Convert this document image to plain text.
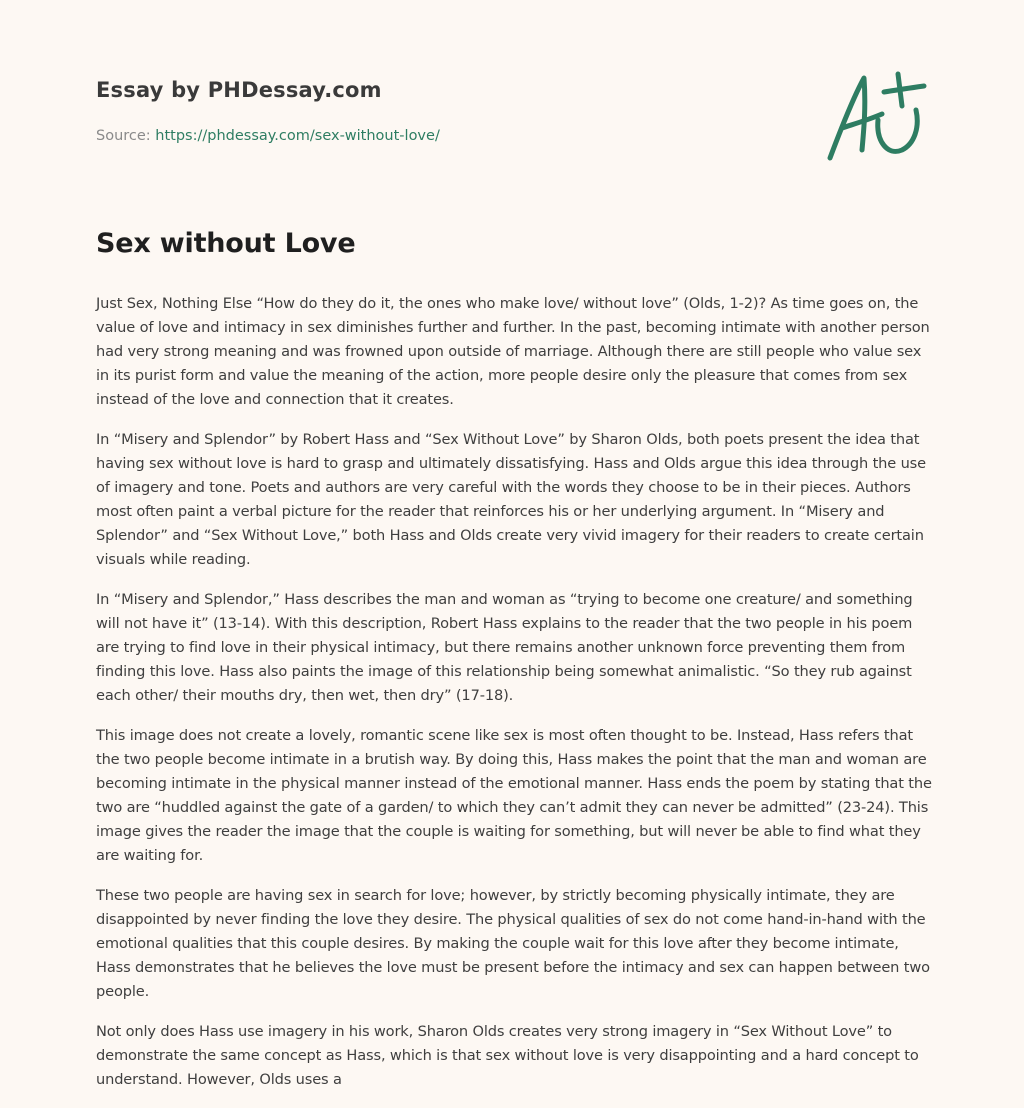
Essay by PHDessay.com
Source: https://phdessay.com/sex-without-love/
Sex without Love

Just Sex, Nothing Else “How do they do it, the ones who make love/ without love” (Olds, 1-2)? As time goes on, the value of love and intimacy in sex diminishes further and further. In the past, becoming intimate with another person had very strong meaning and was frowned upon outside of marriage. Although there are still people who value sex in its purist form and value the meaning of the action, more people desire only the pleasure that comes from sex instead of the love and connection that it creates.

In “Misery and Splendor” by Robert Hass and “Sex Without Love” by Sharon Olds, both poets present the idea that having sex without love is hard to grasp and ultimately dissatisfying. Hass and Olds argue this idea through the use of imagery and tone. Poets and authors are very careful with the words they choose to be in their pieces. Authors most often paint a verbal picture for the reader that reinforces his or her underlying argument. In “Misery and Splendor” and “Sex Without Love,” both Hass and Olds create very vivid imagery for their readers to create certain visuals while reading.

In “Misery and Splendor,” Hass describes the man and woman as “trying to become one creature/ and something will not have it” (13-14). With this description, Robert Hass explains to the reader that the two people in his poem are trying to find love in their physical intimacy, but there remains another unknown force preventing them from finding this love. Hass also paints the image of this relationship being somewhat animalistic. “So they rub against each other/ their mouths dry, then wet, then dry” (17-18).

This image does not create a lovely, romantic scene like sex is most often thought to be. Instead, Hass refers that the two people become intimate in a brutish way. By doing this, Hass makes the point that the man and woman are becoming intimate in the physical manner instead of the emotional manner. Hass ends the poem by stating that the two are “huddled against the gate of a garden/ to which they can’t admit they can never be admitted” (23-24). This image gives the reader the image that the couple is waiting for something, but will never be able to find what they are waiting for.

These two people are having sex in search for love; however, by strictly becoming physically intimate, they are disappointed by never finding the love they desire. The physical qualities of sex do not come hand-in-hand with the emotional qualities that this couple desires. By making the couple wait for this love after they become intimate, Hass demonstrates that he believes the love must be present before the intimacy and sex can happen between two people.

Not only does Hass use imagery in his work, Sharon Olds creates very strong imagery in “Sex Without Love” to demonstrate the same concept as Hass, which is that sex without love is very disappointing and a hard concept to understand. However, Olds uses a
